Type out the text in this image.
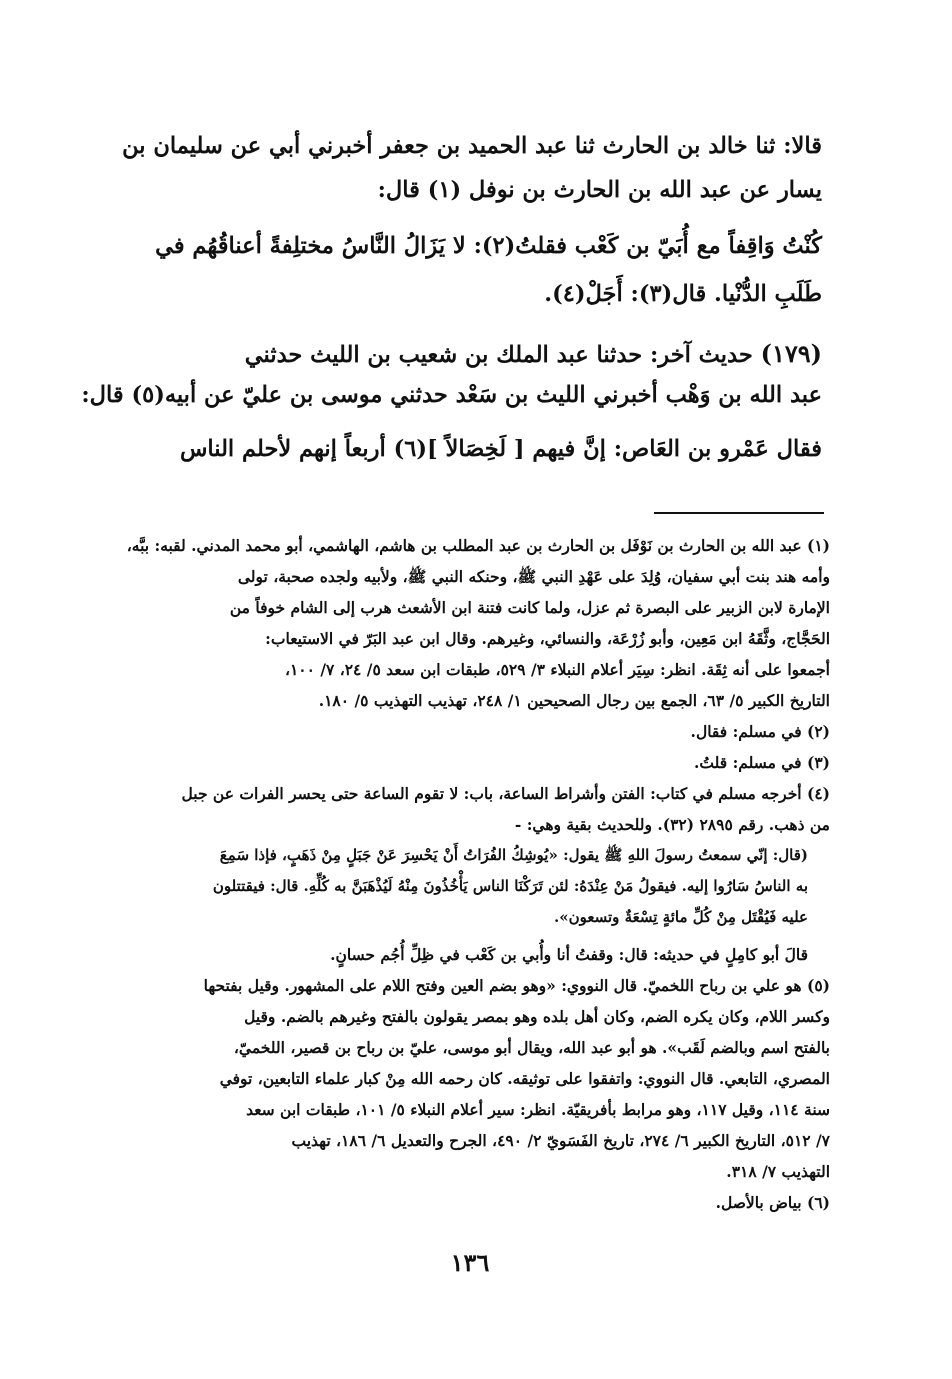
قالا: ثنا خالد بن الحارث ثنا عبد الحميد بن جعفر أخبرني أبي عن سليمان بن
يسار عن عبد الله بن الحارث بن نوفل (١) قال:
كُنْتُ وَاقِفاً مع أُبَيّ بن كَعْب فقلتُ(٢): لا يَزَالُ النَّاسُ مختلِفةً أعناقُهُم في
طَلَبِ الدُّنْيا. قال(٣): أَجَلْ(٤).
(١٧٩) حديث آخر: حدثنا عبد الملك بن شعيب بن الليث حدثني
عبد الله بن وَهْب أخبرني الليث بن سَعْد حدثني موسى بن عليّ عن أبيه(٥) قال:
فقال عَمْرو بن العَاص: إنَّ فيهم [ لَخِصَالاً ](٦) أربعاً إنهم لأحلم الناس
(١) عبد الله بن الحارث بن نَوْفَل بن الحارث بن عبد المطلب بن هاشم، الهاشمي، أبو محمد المدني. لقبه: ببَّه،
وأمه هند بنت أبي سفيان، وُلِدَ على عَهْدِ النبي ﷺ، وحنكه النبي ﷺ، ولأبيه ولجده صحبة، تولى
الإمارة لابن الزبير على البصرة ثم عزل، ولما كانت فتنة ابن الأشعث هرب إلى الشام خوفاً من
الحَجَّاج، وثَّقَهُ ابن مَعِين، وأبو زُرْعَة، والنسائي، وغيرهم. وقال ابن عبد البَرّ في الاستيعاب:
أجمعوا على أنه ثِقَة. انظر: سِيَر أعلام النبلاء ٣/ ٥٢٩، طبقات ابن سعد ٥/ ٢٤، ٧/ ١٠٠،
التاريخ الكبير ٥/ ٦٣، الجمع بين رجال الصحيحين ١/ ٢٤٨، تهذيب التهذيب ٥/ ١٨٠.
(٢) في مسلم: فقال.
(٣) في مسلم: قلتُ.
(٤) أخرجه مسلم في كتاب: الفتن وأشراط الساعة، باب: لا تقوم الساعة حتى يحسر الفرات عن جبل
من ذهب. رقم ٢٨٩٥ (٣٢). وللحديث بقية وهي: -
(قال: إنّي سمعتُ رسولَ اللهِ ﷺ يقول: «يُوشِكُ الفُرَاتُ أَنْ يَحْسِرَ عَنْ جَبَلٍ مِنْ ذَهَبٍ، فإذا سَمِعَ
به الناسُ سَارُوا إليه. فيقولُ مَنْ عِنْدَهُ: لئن تَرَكْنَا الناس يَأْخُذُونَ مِنْهُ لَيُذْهَبَنَّ به كُلِّهِ. قال: فيقتتلون
عليه فَيُقْتَل مِنْ كُلِّ مائةٍ تِسْعَةٌ وتسعون».
قالَ أبو كامِلٍ في حديثه: قال: وقفتُ أنا وأُبي بن كَعْب في ظِلِّ أُجُم حسانٍ.
(٥) هو علي بن رباح اللخميّ. قال النووي: «وهو بضم العين وفتح اللام على المشهور. وقيل بفتحها
وكسر اللام، وكان يكره الضم، وكان أهل بلده وهو بمصر يقولون بالفتح وغيرهم بالضم. وقيل
بالفتح اسم وبالضم لَقَب». هو أبو عبد الله، ويقال أبو موسى، عليّ بن رباح بن قصير، اللخميّ،
المصري، التابعي. قال النووي: واتفقوا على توثيقه. كان رحمه الله مِنْ كبار علماء التابعين، توفي
سنة ١١٤، وقيل ١١٧، وهو مرابط بأفريقيّة. انظر: سير أعلام النبلاء ٥/ ١٠١، طبقات ابن سعد
٧/ ٥١٢، التاريخ الكبير ٦/ ٢٧٤، تاريخ الفَسَويّ ٢/ ٤٩٠، الجرح والتعديل ٦/ ١٨٦، تهذيب
التهذيب ٧/ ٣١٨.
(٦) بياض بالأصل.
١٣٦
